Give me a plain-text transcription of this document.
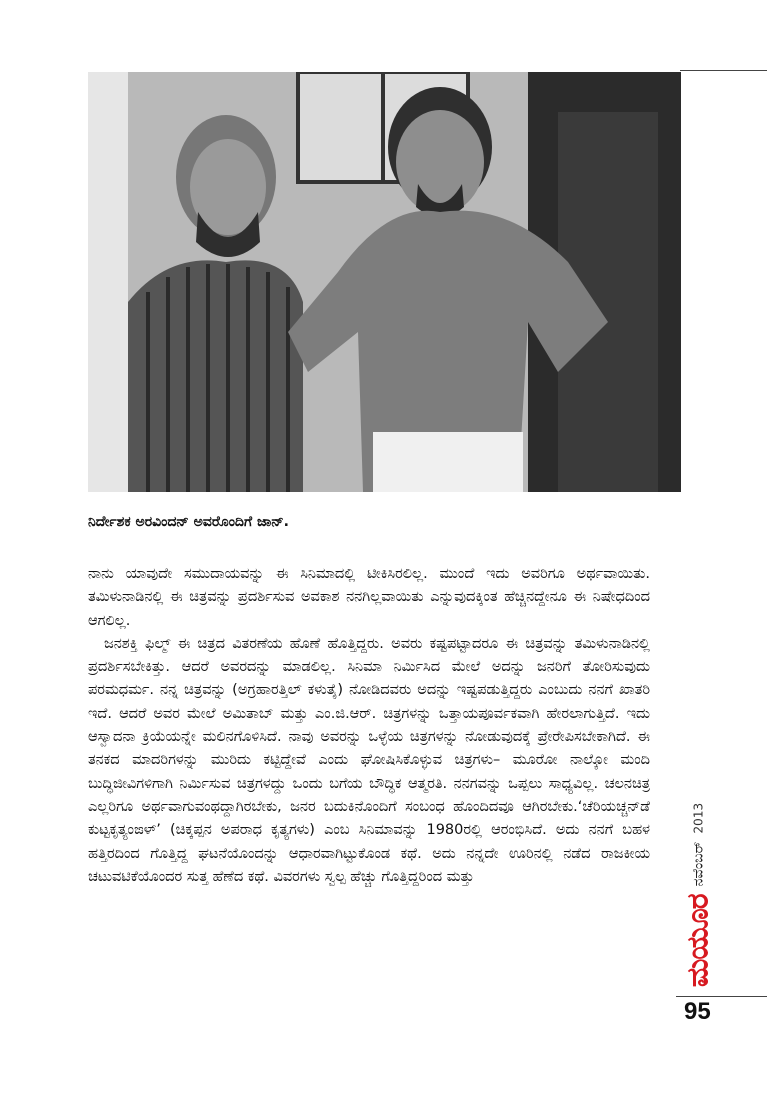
ನಿರ್ದೇಶಕ ಅರವಿಂದನ್ ಅವರೊಂದಿಗೆ ಜಾನ್.

ನಾನು ಯಾವುದೇ ಸಮುದಾಯವನ್ನು ಈ ಸಿನಿಮಾದಲ್ಲಿ ಟೀಕಿಸಿರಲಿಲ್ಲ. ಮುಂದೆ ಇದು ಅವರಿಗೂ ಅರ್ಥವಾಯಿತು. ತಮಿಳುನಾಡಿನಲ್ಲಿ ಈ ಚಿತ್ರವನ್ನು ಪ್ರದರ್ಶಿಸುವ ಅವಕಾಶ ನನಗಿಲ್ಲವಾಯಿತು ಎನ್ನುವುದಕ್ಕಿಂತ ಹೆಚ್ಚಿನದ್ದೇನೂ ಈ ನಿಷೇಧದಿಂದ ಆಗಲಿಲ್ಲ.

ಜನಶಕ್ತಿ ಫಿಲ್ಮ್ ಈ ಚಿತ್ರದ ವಿತರಣೆಯ ಹೊಣೆ ಹೊತ್ತಿದ್ದರು. ಅವರು ಕಷ್ಟಪಟ್ಟಾದರೂ ಈ ಚಿತ್ರವನ್ನು ತಮಿಳುನಾಡಿನಲ್ಲಿ ಪ್ರದರ್ಶಿಸಬೇಕಿತ್ತು. ಆದರೆ ಅವರದನ್ನು ಮಾಡಲಿಲ್ಲ. ಸಿನಿಮಾ ನಿರ್ಮಿಸಿದ ಮೇಲೆ ಅದನ್ನು ಜನರಿಗೆ ತೋರಿಸುವುದು ಪರಮಧರ್ಮ. ನನ್ನ ಚಿತ್ರವನ್ನು (ಅಗ್ರಹಾರತ್ತಿಲ್ ಕಳುತೈ) ನೋಡಿದವರು ಅದನ್ನು ಇಷ್ಟಪಡುತ್ತಿದ್ದರು ಎಂಬುದು ನನಗೆ ಖಾತರಿ ಇದೆ. ಆದರೆ ಅವರ ಮೇಲೆ ಅಮಿತಾಬ್ ಮತ್ತು ಎಂ.ಜಿ.ಆರ್. ಚಿತ್ರಗಳನ್ನು ಒತ್ತಾಯಪೂರ್ವಕವಾಗಿ ಹೇರಲಾಗುತ್ತಿದೆ. ಇದು ಆಸ್ವಾದನಾ ಕ್ರಿಯೆಯನ್ನೇ ಮಲಿನಗೊಳಿಸಿದೆ. ನಾವು ಅವರನ್ನು ಒಳ್ಳೆಯ ಚಿತ್ರಗಳನ್ನು ನೋಡುವುದಕ್ಕೆ ಪ್ರೇರೇಪಿಸಬೇಕಾಗಿದೆ. ಈ ತನಕದ ಮಾದರಿಗಳನ್ನು ಮುರಿದು ಕಟ್ಟಿದ್ದೇವೆ ಎಂದು ಘೋಷಿಸಿಕೊಳ್ಳುವ ಚಿತ್ರಗಳು– ಮೂರೋ ನಾಲ್ಕೋ ಮಂದಿ ಬುದ್ಧಿಜೀವಿಗಳಿಗಾಗಿ ನಿರ್ಮಿಸುವ ಚಿತ್ರಗಳದ್ದು ಒಂದು ಬಗೆಯ ಬೌದ್ಧಿಕ ಆತ್ಮರತಿ. ನನಗವನ್ನು ಒಪ್ಪಲು ಸಾಧ್ಯವಿಲ್ಲ. ಚಲನಚಿತ್ರ ಎಲ್ಲರಿಗೂ ಅರ್ಥವಾಗುವಂಥದ್ದಾಗಿರಬೇಕು, ಜನರ ಬದುಕಿನೊಂದಿಗೆ ಸಂಬಂಧ ಹೊಂದಿದವೂ ಆಗಿರಬೇಕು.‘ಚೆರಿಯಚ್ಚನ್‌ಡೆ ಕುಟ್ಟಕೃತ್ಯಂಙಳ್’ (ಚಿಕ್ಕಪ್ಪನ ಅಪರಾಧ ಕೃತ್ಯಗಳು) ಎಂಬ ಸಿನಿಮಾವನ್ನು 1980ರಲ್ಲಿ ಆರಂಭಿಸಿದೆ. ಅದು ನನಗೆ ಬಹಳ ಹತ್ತಿರದಿಂದ ಗೊತ್ತಿದ್ದ ಘಟನೆಯೊಂದನ್ನು ಆಧಾರವಾಗಿಟ್ಟುಕೊಂಡ ಕಥೆ. ಅದು ನನ್ನದೇ ಊರಿನಲ್ಲಿ ನಡೆದ ರಾಜಕೀಯ ಚಟುವಟಿಕೆಯೊಂದರ ಸುತ್ತ ಹೆಣೆದ ಕಥೆ. ವಿವರಗಳು ಸ್ವಲ್ಪ ಹೆಚ್ಚು ಗೊತ್ತಿದ್ದರಿಂದ ಮತ್ತು

ಮಯೂರ
ನವೆಂಬರ್
2013
95
